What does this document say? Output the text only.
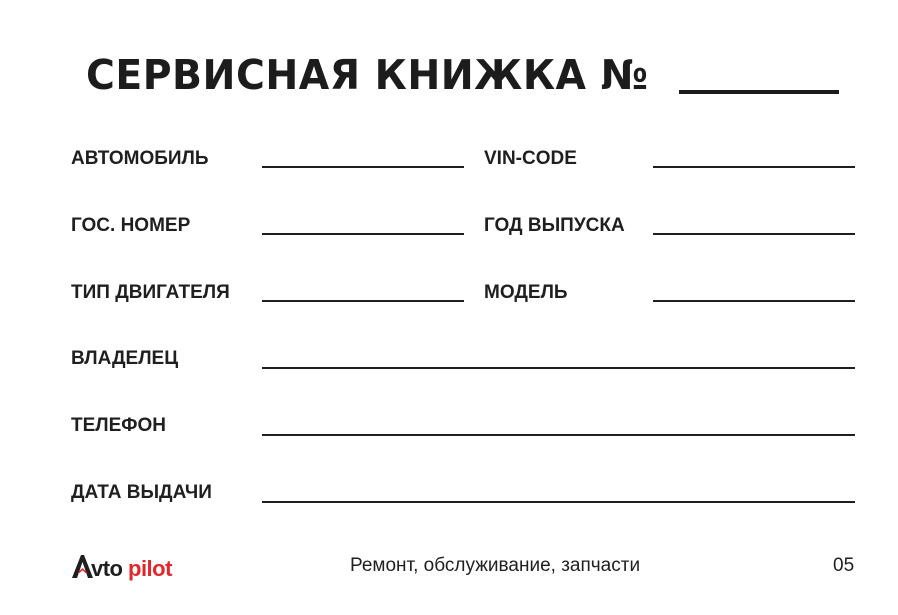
СЕРВИСНАЯ КНИЖКА №
АВТОМОБИЛЬ	VIN-CODE
ГОС. НОМЕР	ГОД ВЫПУСКА
ТИП ДВИГАТЕЛЯ	МОДЕЛЬ
ВЛАДЕЛЕЦ
ТЕЛЕФОН
ДАТА ВЫДАЧИ
vto pilot	Ремонт, обслуживание, запчасти	05
